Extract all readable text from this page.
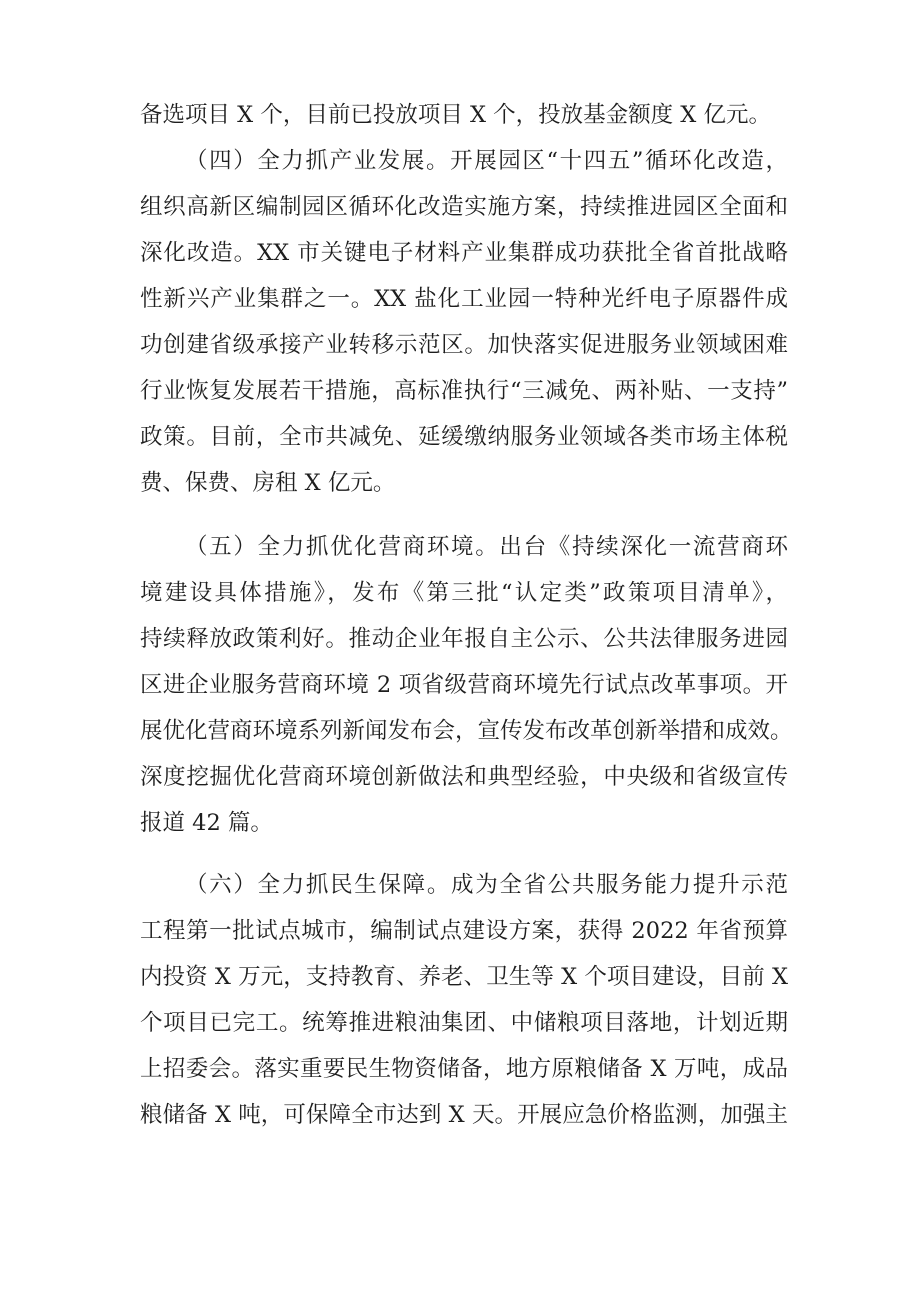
备选项目 X 个，目前已投放项目 X 个，投放基金额度 X 亿元。
（四）全力抓产业发展。开展园区“十四五”循环化改造，
组织高新区编制园区循环化改造实施方案，持续推进园区全面和
深化改造。XX 市关键电子材料产业集群成功获批全省首批战略
性新兴产业集群之一。XX 盐化工业园一特种光纤电子原器件成
功创建省级承接产业转移示范区。加快落实促进服务业领域困难
行业恢复发展若干措施，高标准执行“三减免、两补贴、一支持”
政策。目前，全市共减免、延缓缴纳服务业领域各类市场主体税
费、保费、房租 X 亿元。
（五）全力抓优化营商环境。出台《持续深化一流营商环
境建设具体措施》，发布《第三批“认定类”政策项目清单》，
持续释放政策利好。推动企业年报自主公示、公共法律服务进园
区进企业服务营商环境 2 项省级营商环境先行试点改革事项。开
展优化营商环境系列新闻发布会，宣传发布改革创新举措和成效。
深度挖掘优化营商环境创新做法和典型经验，中央级和省级宣传
报道 42 篇。
（六）全力抓民生保障。成为全省公共服务能力提升示范
工程第一批试点城市，编制试点建设方案，获得 2022 年省预算
内投资 X 万元，支持教育、养老、卫生等 X 个项目建设，目前 X
个项目已完工。统筹推进粮油集团、中储粮项目落地，计划近期
上招委会。落实重要民生物资储备，地方原粮储备 X 万吨，成品
粮储备 X 吨，可保障全市达到 X 天。开展应急价格监测，加强主
